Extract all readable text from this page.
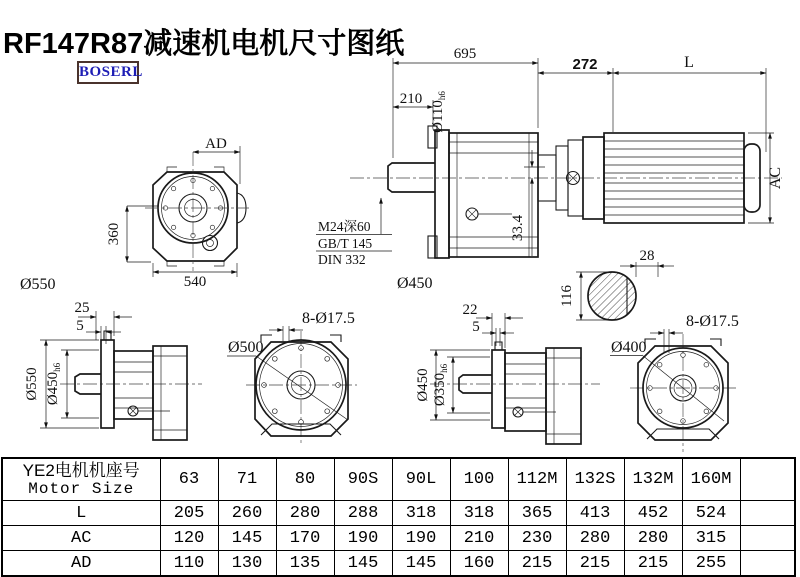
RF147R87减速机电机尺寸图纸
BOSERL
AD
360
540
Ø550
695
272	L
210
$Ø110_{h6}$
33.4
M24深60
GB/T 145
DIN 332
Ø450
28
116
AC
25
5
Ø550 $Ø450_{h6}$
Ø500
8-Ø17.5	22
5
Ø450 $Ø350_{h6}$
Ø400
8-Ø17.5
YE2电机机座号
Motor Size	63	71	80	90S	90L	100	112M	132S	132M	160M	
L	205	260	280	288	318	318	365	413	452	524	
AC	120	145	170	190	190	210	230	280	280	315	
AD	110	130	135	145	145	160	215	215	215	255	
